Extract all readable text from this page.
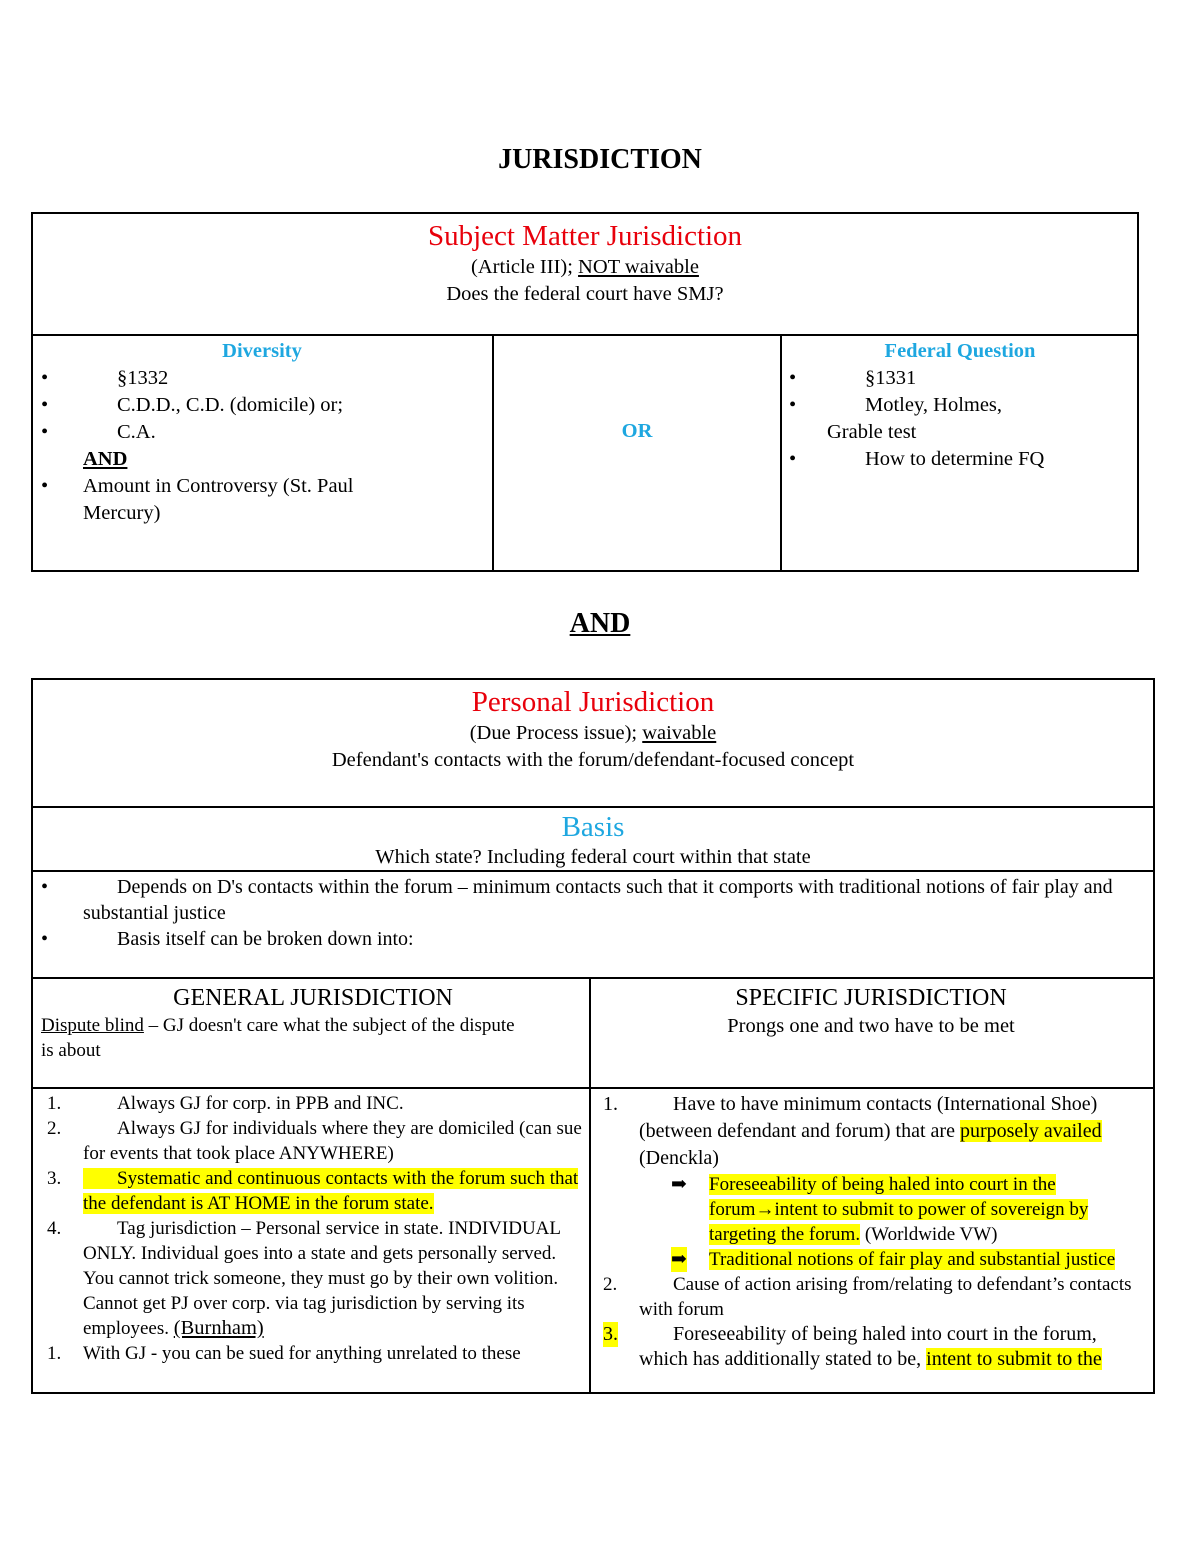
JURISDICTION
Subject Matter Jurisdiction
(Article III); NOT waivable
Does the federal court have SMJ?
Diversity
•	§1332
•	C.D.D., C.D. (domicile) or;
•	C.A.
AND
• Amount in Controversy (St. Paul Mercury)
OR
Federal Question
•	§1331
•	Motley, Holmes,
Grable test
•	How to determine FQ
AND
Personal Jurisdiction
(Due Process issue); waivable
Defendant's contacts with the forum/defendant-focused concept
Basis
Which state? Including federal court within that state
•	Depends on D's contacts within the forum – minimum contacts such that it comports with traditional notions of fair play and substantial justice
•	Basis itself can be broken down into:
GENERAL JURISDICTION
Dispute blind – GJ doesn't care what the subject of the dispute is about
SPECIFIC JURISDICTION
Prongs one and two have to be met
1.	Always GJ for corp. in PPB and INC.
2.	Always GJ for individuals where they are domiciled (can sue for events that took place ANYWHERE)
3.	Systematic and continuous contacts with the forum such that the defendant is AT HOME in the forum state.
4.	Tag jurisdiction – Personal service in state. INDIVIDUAL ONLY. Individual goes into a state and gets personally served. You cannot trick someone, they must go by their own volition. Cannot get PJ over corp. via tag jurisdiction by serving its employees. (Burnham)
1. With GJ - you can be sued for anything unrelated to these
1.	Have to have minimum contacts (International Shoe) (between defendant and forum) that are purposely availed (Denckla)
➡ Foreseeability of being haled into court in the forum→intent to submit to power of sovereign by targeting the forum. (Worldwide VW)
➡ Traditional notions of fair play and substantial justice
2.	Cause of action arising from/relating to defendant’s contacts with forum
3.	Foreseeability of being haled into court in the forum, which has additionally stated to be, intent to submit to the
